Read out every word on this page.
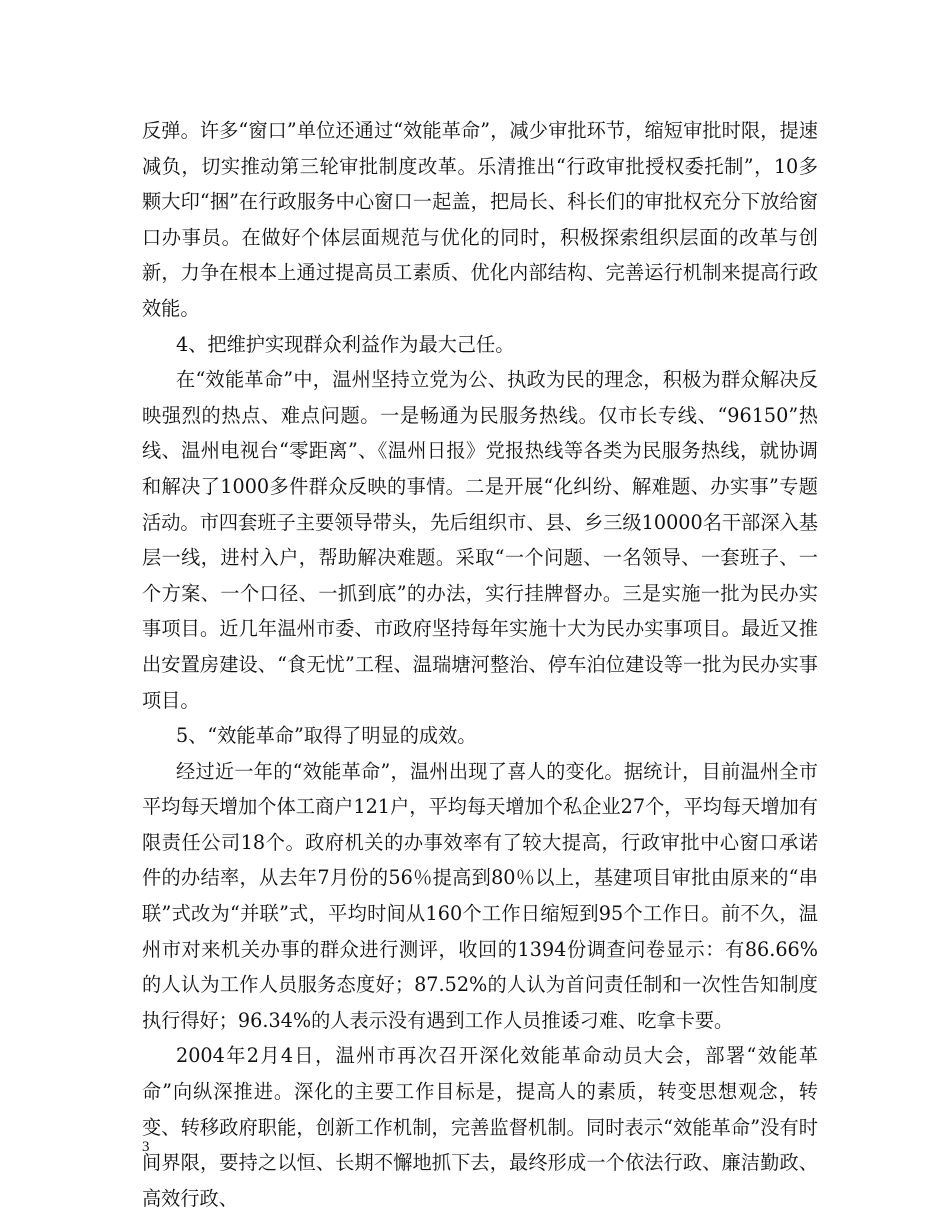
反弹。许多“窗口”单位还通过“效能革命”，减少审批环节，缩短审批时限，提速减负，切实推动第三轮审批制度改革。乐清推出“行政审批授权委托制”，10多颗大印“捆”在行政服务中心窗口一起盖，把局长、科长们的审批权充分下放给窗口办事员。在做好个体层面规范与优化的同时，积极探索组织层面的改革与创新，力争在根本上通过提高员工素质、优化内部结构、完善运行机制来提高行政效能。

4、把维护实现群众利益作为最大己任。

在“效能革命”中，温州坚持立党为公、执政为民的理念，积极为群众解决反映强烈的热点、难点问题。一是畅通为民服务热线。仅市长专线、“96150”热线、温州电视台“零距离”、《温州日报》党报热线等各类为民服务热线，就协调和解决了1000多件群众反映的事情。二是开展“化纠纷、解难题、办实事”专题活动。市四套班子主要领导带头，先后组织市、县、乡三级10000名干部深入基层一线，进村入户，帮助解决难题。采取“一个问题、一名领导、一套班子、一个方案、一个口径、一抓到底”的办法，实行挂牌督办。三是实施一批为民办实事项目。近几年温州市委、市政府坚持每年实施十大为民办实事项目。最近又推出安置房建设、“食无忧”工程、温瑞塘河整治、停车泊位建设等一批为民办实事项目。

5、“效能革命”取得了明显的成效。

经过近一年的“效能革命”，温州出现了喜人的变化。据统计，目前温州全市平均每天增加个体工商户121户，平均每天增加个私企业27个，平均每天增加有限责任公司18个。政府机关的办事效率有了较大提高，行政审批中心窗口承诺件的办结率，从去年7月份的56％提高到80％以上，基建项目审批由原来的“串联”式改为“并联”式，平均时间从160个工作日缩短到95个工作日。前不久，温州市对来机关办事的群众进行测评，收回的1394份调查问卷显示：有86.66%的人认为工作人员服务态度好；87.52%的人认为首问责任制和一次性告知制度执行得好；96.34%的人表示没有遇到工作人员推诿刁难、吃拿卡要。

2004年2月4日，温州市再次召开深化效能革命动员大会，部署“效能革命”向纵深推进。深化的主要工作目标是，提高人的素质，转变思想观念，转变、转移政府职能，创新工作机制，完善监督机制。同时表示“效能革命”没有时间界限，要持之以恒、长期不懈地抓下去，最终形成一个依法行政、廉洁勤政、高效行政、

3
